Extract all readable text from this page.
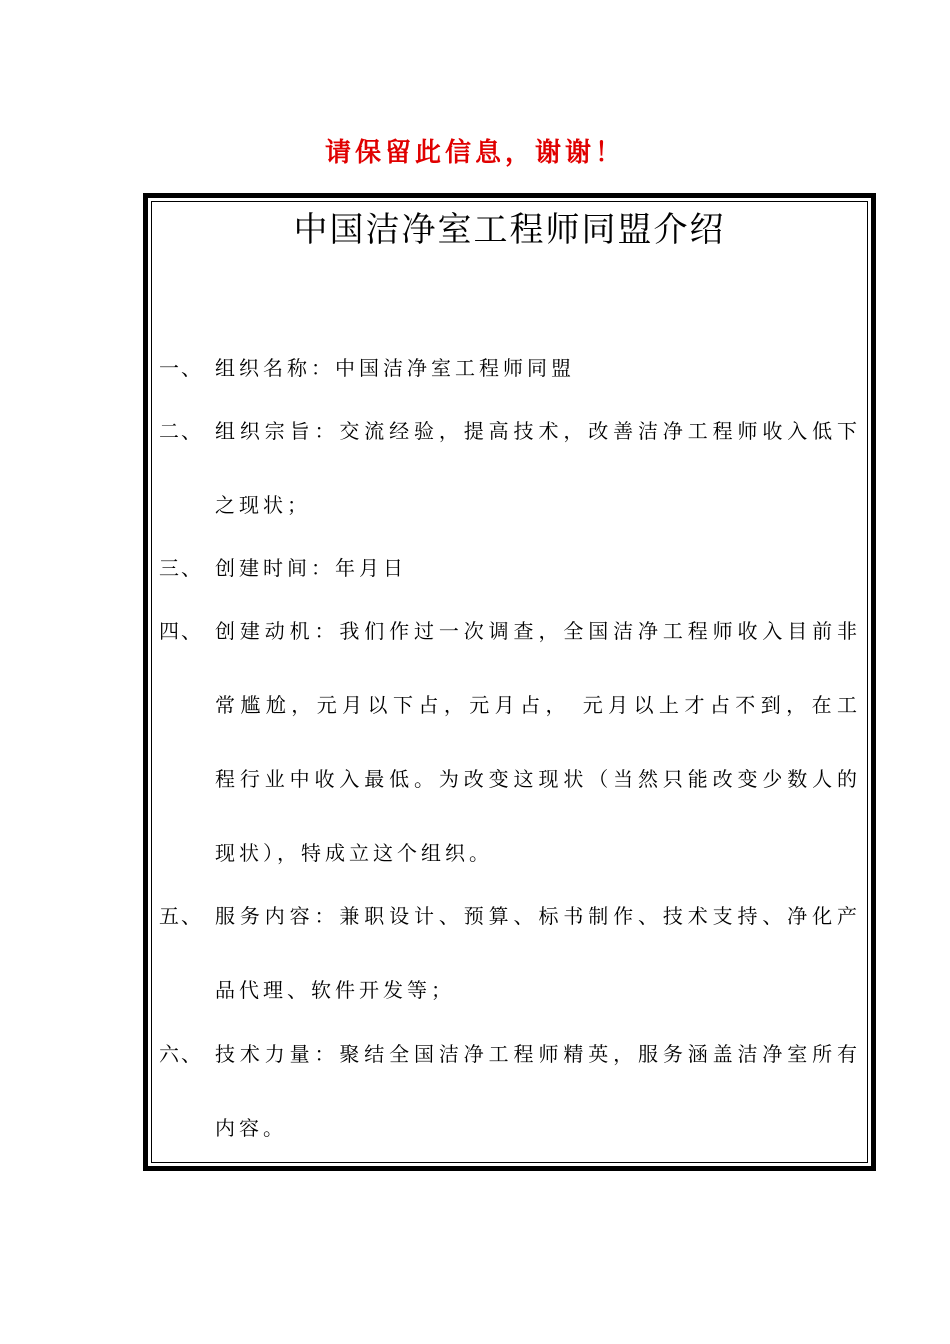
请保留此信息，谢谢！
中国洁净室工程师同盟介绍
一、 组织名称：中国洁净室工程师同盟
二、 组织宗旨：交流经验，提高技术，改善洁净工程师收入低下
之现状；
三、 创建时间：年月日
四、 创建动机：我们作过一次调查，全国洁净工程师收入目前非
常尴尬，元月以下占，元月占， 元月以上才占不到，在工
程行业中收入最低。为改变这现状（当然只能改变少数人的
现状），特成立这个组织。
五、 服务内容：兼职设计、预算、标书制作、技术支持、净化产
品代理、软件开发等；
六、 技术力量：聚结全国洁净工程师精英，服务涵盖洁净室所有
内容。
